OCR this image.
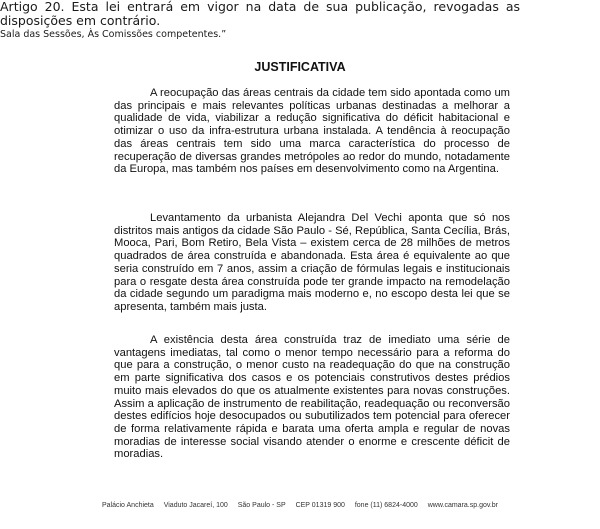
Artigo 20. Esta lei entrará em vigor na data de sua publicação, revogadas as disposições em contrário.
Sala das Sessões, Às Comissões competentes.”
JUSTIFICATIVA

A reocupação das áreas centrais da cidade tem sido apontada como um das principais e mais relevantes políticas urbanas destinadas a melhorar a qualidade de vida, viabilizar a redução significativa do déficit habitacional e otimizar o uso da infra-estrutura urbana instalada. A tendência à reocupação das áreas centrais tem sido uma marca característica do processo de recuperação de diversas grandes metrópoles ao redor do mundo, notadamente da Europa, mas também nos países em desenvolvimento como na Argentina.

Levantamento da urbanista Alejandra Del Vechi aponta que só nos distritos mais antigos da cidade São Paulo - Sé, República, Santa Cecília, Brás, Mooca, Pari, Bom Retiro, Bela Vista – existem cerca de 28 milhões de metros quadrados de área construída e abandonada. Esta área é equivalente ao que seria construído em 7 anos, assim a criação de fórmulas legais e institucionais para o resgate desta área construída pode ter grande impacto na remodelação da cidade segundo um paradigma mais moderno e, no escopo desta lei que se apresenta, também mais justa.

A existência desta área construída traz de imediato uma série de vantagens imediatas, tal como o menor tempo necessário para a reforma do que para a construção, o menor custo na readequação do que na construção em parte significativa dos casos e os potenciais construtivos destes prédios muito mais elevados do que os atualmente existentes para novas construções. Assim a aplicação de instrumento de reabilitação, readequação ou reconversão destes edifícios hoje desocupados ou subutilizados tem potencial para oferecer de forma relativamente rápida e barata uma oferta ampla e regular de novas moradias de interesse social visando atender o enorme e crescente déficit de moradias.

Palácio Anchieta Viaduto Jacareí, 100 São Paulo - SP CEP 01319 900 fone (11) 6824-4000 www.camara.sp.gov.br
